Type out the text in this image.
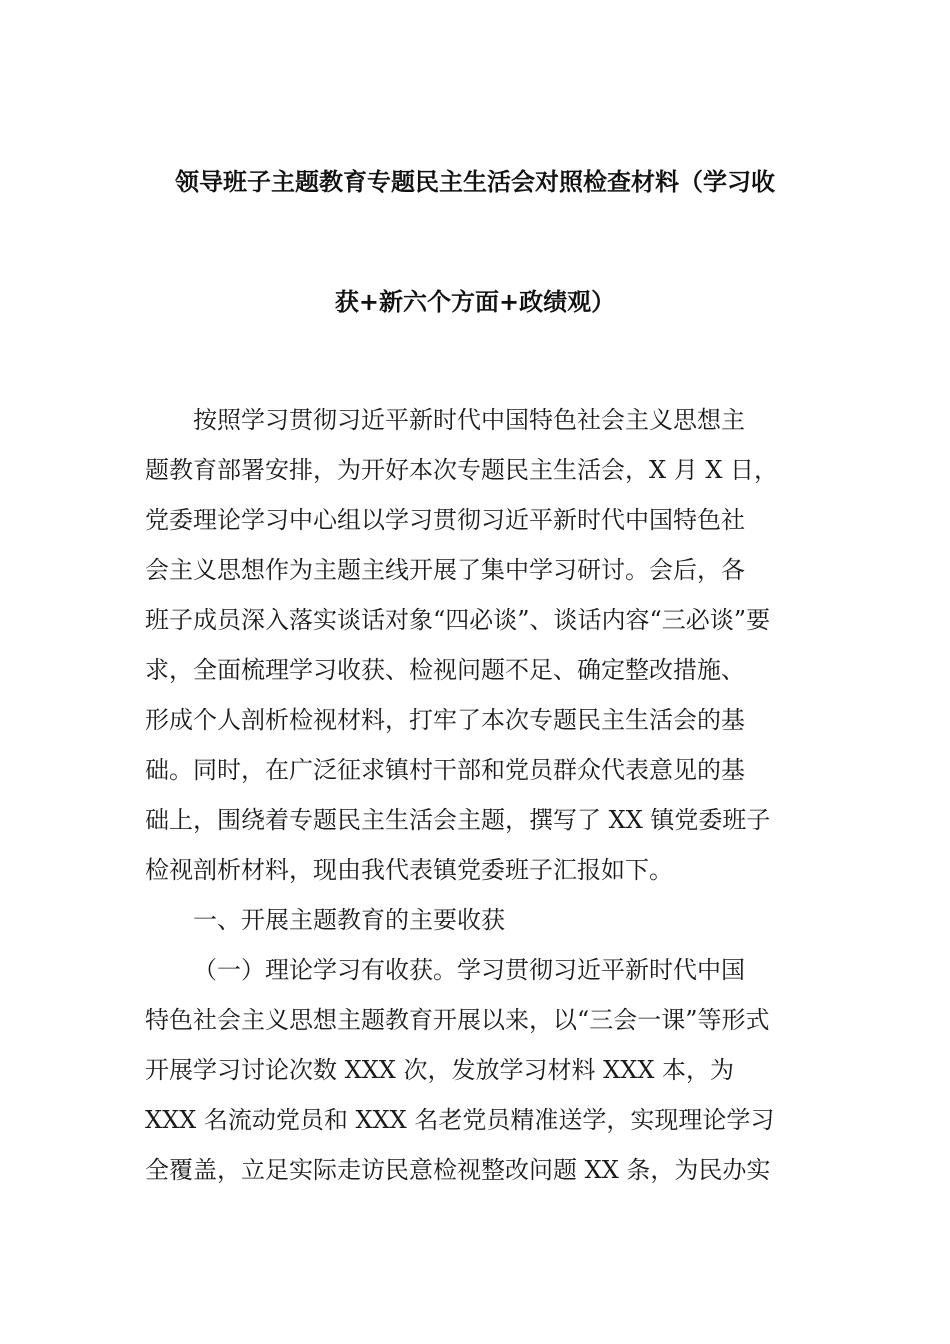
领导班子主题教育专题民主生活会对照检查材料（学习收
获+新六个方面+政绩观）
按照学习贯彻习近平新时代中国特色社会主义思想主
题教育部署安排，为开好本次专题民主生活会，X 月 X 日，
党委理论学习中心组以学习贯彻习近平新时代中国特色社
会主义思想作为主题主线开展了集中学习研讨。会后，各
班子成员深入落实谈话对象“四必谈”、谈话内容“三必谈”要
求，全面梳理学习收获、检视问题不足、确定整改措施、
形成个人剖析检视材料，打牢了本次专题民主生活会的基
础。同时，在广泛征求镇村干部和党员群众代表意见的基
础上，围绕着专题民主生活会主题，撰写了 XX 镇党委班子
检视剖析材料，现由我代表镇党委班子汇报如下。
一、开展主题教育的主要收获
（一）理论学习有收获。学习贯彻习近平新时代中国
特色社会主义思想主题教育开展以来，以“三会一课”等形式
开展学习讨论次数 XXX 次，发放学习材料 XXX 本，为
XXX 名流动党员和 XXX 名老党员精准送学，实现理论学习
全覆盖，立足实际走访民意检视整改问题 XX 条，为民办实
